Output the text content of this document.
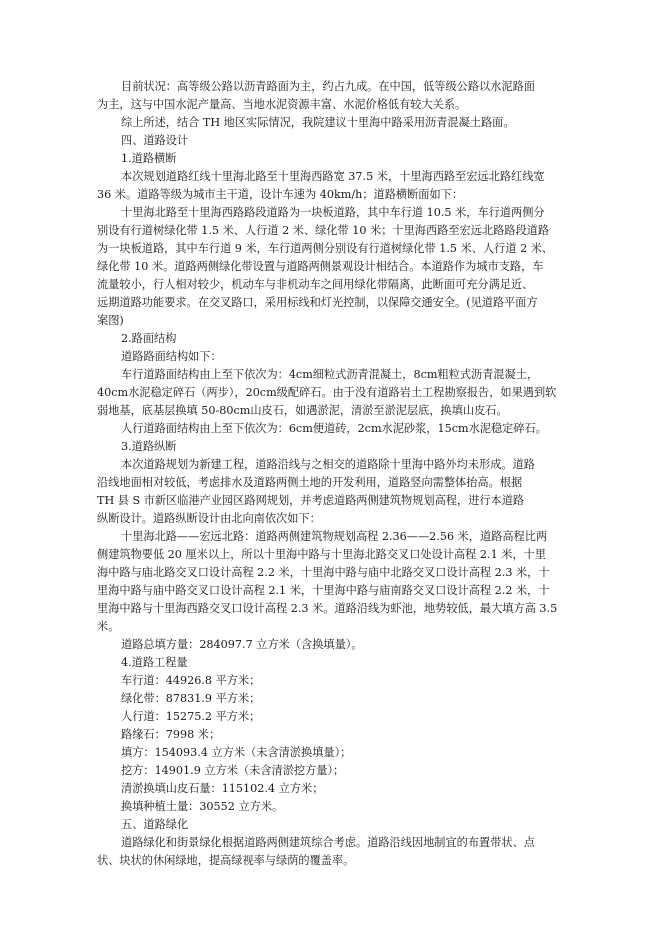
目前状况：高等级公路以沥青路面为主，约占九成。在中国，低等级公路以水泥路面
为主，这与中国水泥产量高、当地水泥资源丰富、水泥价格低有较大关系。
综上所述，结合 TH 地区实际情况，我院建议十里海中路采用沥青混凝土路面。
四、道路设计
1.道路横断
本次规划道路红线十里海北路至十里海西路宽 37.5 米，十里海西路至宏远北路红线宽
36 米。道路等级为城市主干道，设计车速为 40km/h；道路横断面如下：
十里海北路至十里海西路路段道路为一块板道路，其中车行道 10.5 米，车行道两侧分
别设有行道树绿化带 1.5 米、人行道 2 米、绿化带 10 米；十里海西路至宏远北路路段道路
为一块板道路，其中车行道 9 米，车行道两侧分别设有行道树绿化带 1.5 米、人行道 2 米、
绿化带 10 米。道路两侧绿化带设置与道路两侧景观设计相结合。本道路作为城市支路，车
流量较小，行人相对较少，机动车与非机动车之间用绿化带隔离，此断面可充分满足近、
远期道路功能要求。在交叉路口，采用标线和灯光控制，以保障交通安全。(见道路平面方
案图)
2.路面结构
道路路面结构如下：
车行道路面结构由上至下依次为：4cm细粒式沥青混凝土，8cm粗粒式沥青混凝土，
40cm水泥稳定碎石（两步），20cm级配碎石。由于没有道路岩土工程勘察报告，如果遇到软
弱地基，底基层换填 50-80cm山皮石，如遇淤泥，清淤至淤泥层底，换填山皮石。
人行道路面结构由上至下依次为：6cm便道砖，2cm水泥砂浆，15cm水泥稳定碎石。
3.道路纵断
本次道路规划为新建工程，道路沿线与之相交的道路除十里海中路外均未形成。道路
沿线地面相对较低，考虑排水及道路两侧土地的开发利用，道路竖向需整体抬高。根据
TH 县 S 市新区临港产业园区路网规划，并考虑道路两侧建筑物规划高程，进行本道路
纵断设计。道路纵断设计由北向南依次如下：
十里海北路——宏远北路：道路两侧建筑物规划高程 2.36——2.56 米，道路高程比两
侧建筑物要低 20 厘米以上，所以十里海中路与十里海北路交叉口处设计高程 2.1 米，十里
海中路与庙北路交叉口设计高程 2.2 米，十里海中路与庙中北路交叉口设计高程 2.3 米，十
里海中路与庙中路交叉口设计高程 2.1 米，十里海中路与庙南路交叉口设计高程 2.2 米，十
里海中路与十里海西路交叉口设计高程 2.3 米。道路沿线为虾池，地势较低，最大填方高 3.5
米。
道路总填方量：284097.7 立方米（含换填量）。
4.道路工程量
车行道：44926.8 平方米；
绿化带：87831.9 平方米；
人行道：15275.2 平方米；
路缘石：7998 米；
填方：154093.4 立方米（未含清淤换填量）；
挖方：14901.9 立方米（未含清淤挖方量）；
清淤换填山皮石量：115102.4 立方米；
换填种植土量：30552 立方米。
五、道路绿化
道路绿化和街景绿化根据道路两侧建筑综合考虑。道路沿线因地制宜的布置带状、点
状、块状的休闲绿地，提高绿视率与绿荫的覆盖率。
